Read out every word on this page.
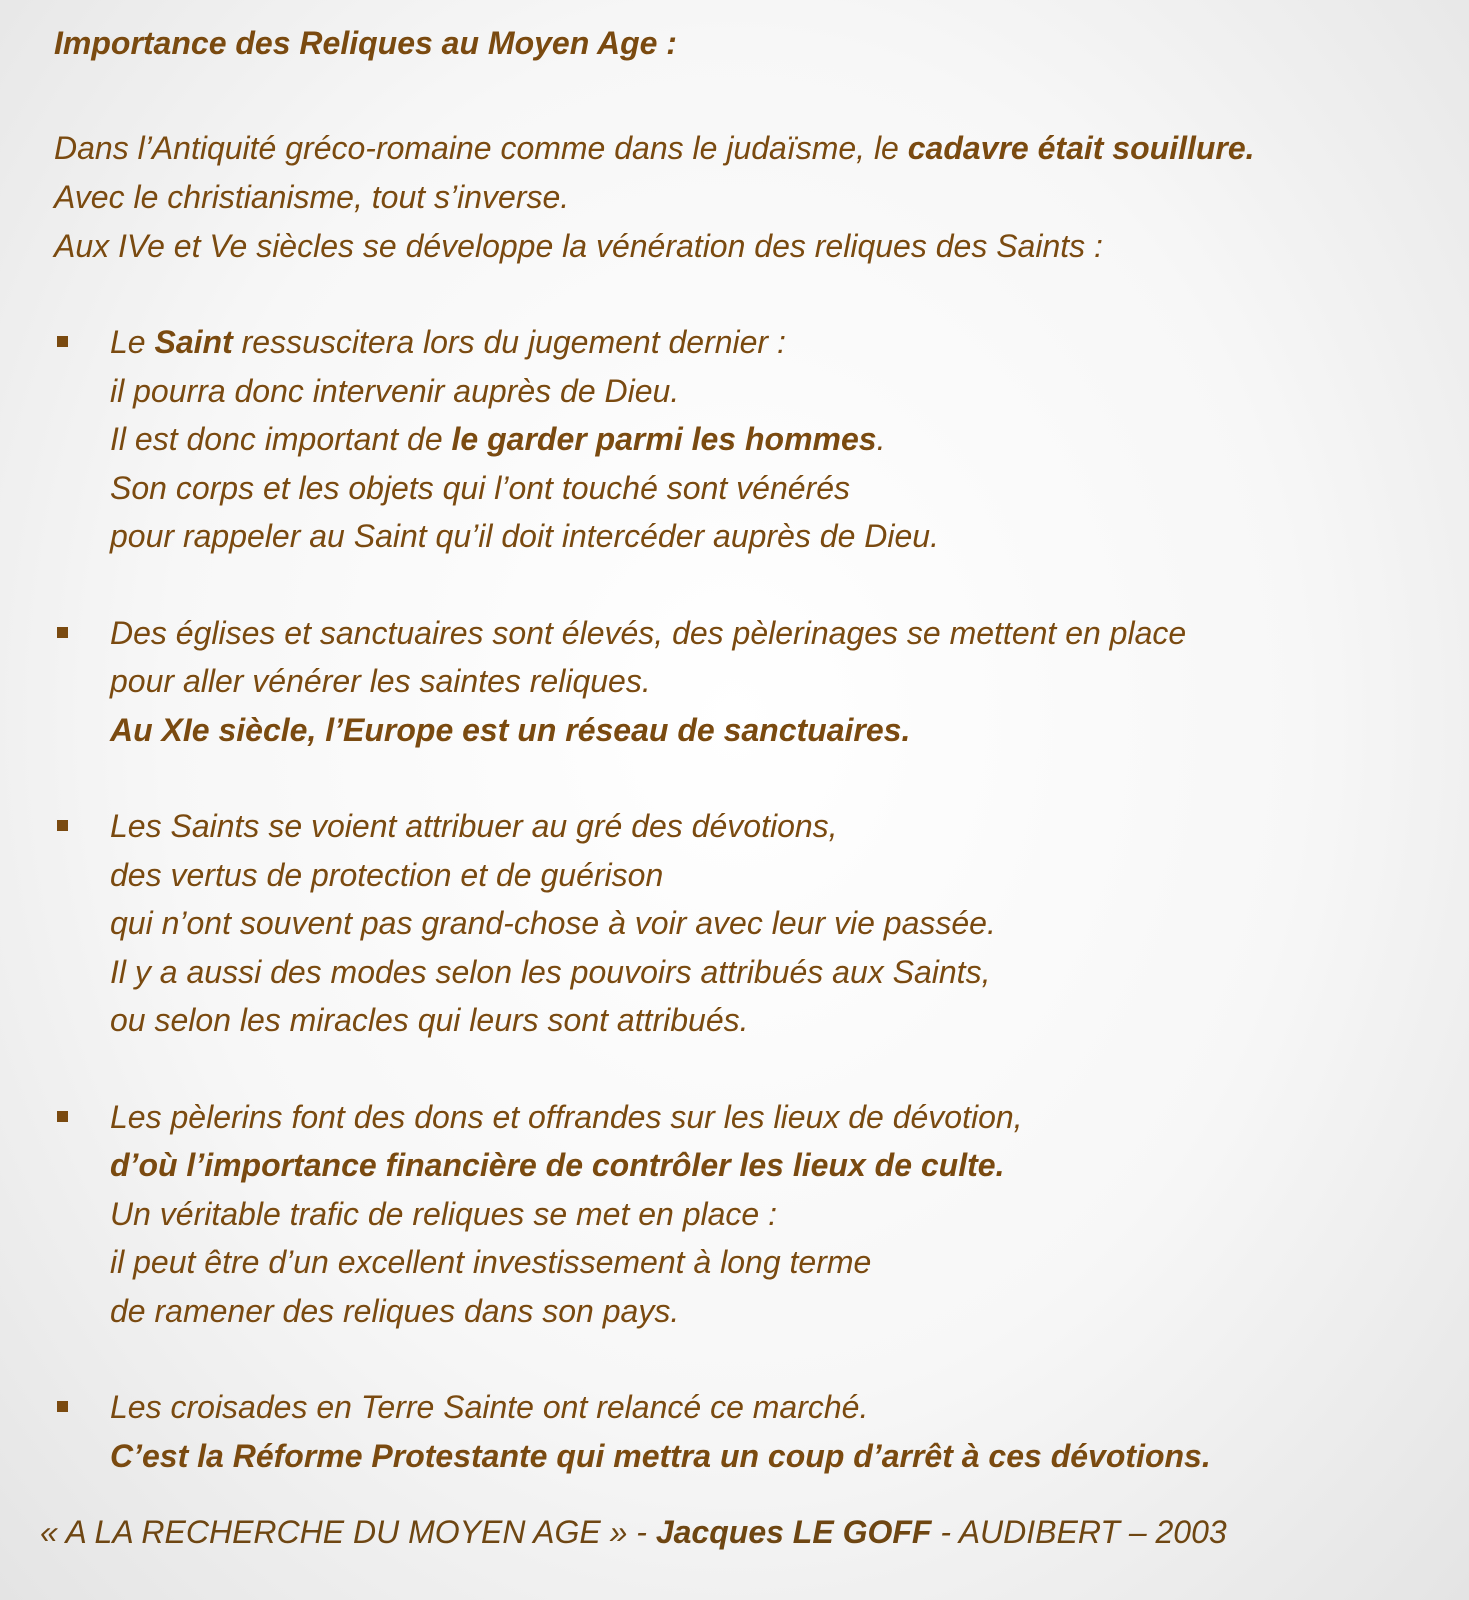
Importance des Reliques au Moyen Age :
Dans l’Antiquité gréco-romaine comme dans le judaïsme, le cadavre était souillure.
Avec le christianisme, tout s’inverse.
Aux IVe et Ve siècles se développe la vénération des reliques des Saints :
Le Saint ressuscitera lors du jugement dernier :
il pourra donc intervenir auprès de Dieu.
Il est donc important de le garder parmi les hommes.
Son corps et les objets qui l’ont touché sont vénérés
pour rappeler au Saint qu’il doit intercéder auprès de Dieu.
Des églises et sanctuaires sont élevés, des pèlerinages se mettent en place
pour aller vénérer les saintes reliques.
Au XIe siècle, l’Europe est un réseau de sanctuaires.
Les Saints se voient attribuer au gré des dévotions,
des vertus de protection et de guérison
qui n’ont souvent pas grand-chose à voir avec leur vie passée.
Il y a aussi des modes selon les pouvoirs attribués aux Saints,
ou selon les miracles qui leurs sont attribués.
Les pèlerins font des dons et offrandes sur les lieux de dévotion,
d’où l’importance financière de contrôler les lieux de culte.
Un véritable trafic de reliques se met en place :
il peut être d’un excellent investissement à long terme
de ramener des reliques dans son pays.
Les croisades en Terre Sainte ont relancé ce marché.
C’est la Réforme Protestante qui mettra un coup d’arrêt à ces dévotions.
« A LA RECHERCHE DU MOYEN AGE » - Jacques LE GOFF - AUDIBERT – 2003
